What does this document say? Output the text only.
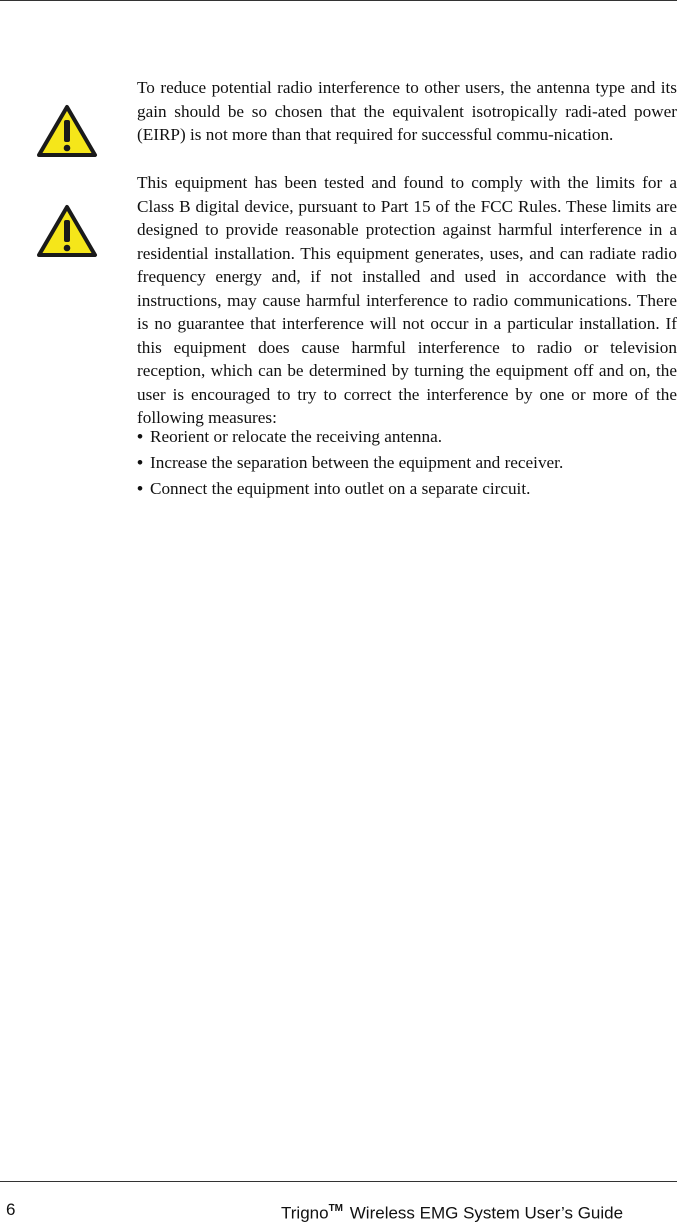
To reduce potential radio interference to other users, the antenna type and its gain should be so chosen that the equivalent isotropically radi-ated power (EIRP) is not more than that required for successful commu-nication.

This equipment has been tested and found to comply with the limits for a Class B digital device, pursuant to Part 15 of the FCC Rules. These limits are designed to provide reasonable protection against harmful interference in a residential installation. This equipment generates, uses, and can radiate radio frequency energy and, if not installed and used in accordance with the instructions, may cause harmful interference to radio communications. There is no guarantee that interference will not occur in a particular installation. If this equipment does cause harmful interference to radio or television reception, which can be determined by turning the equipment off and on, the user is encouraged to try to correct the interference by one or more of the following measures:

• Reorient or relocate the receiving antenna.
• Increase the separation between the equipment and receiver.
• Connect the equipment into outlet on a separate circuit.
6	Trigno™ Wireless EMG System User’s Guide
